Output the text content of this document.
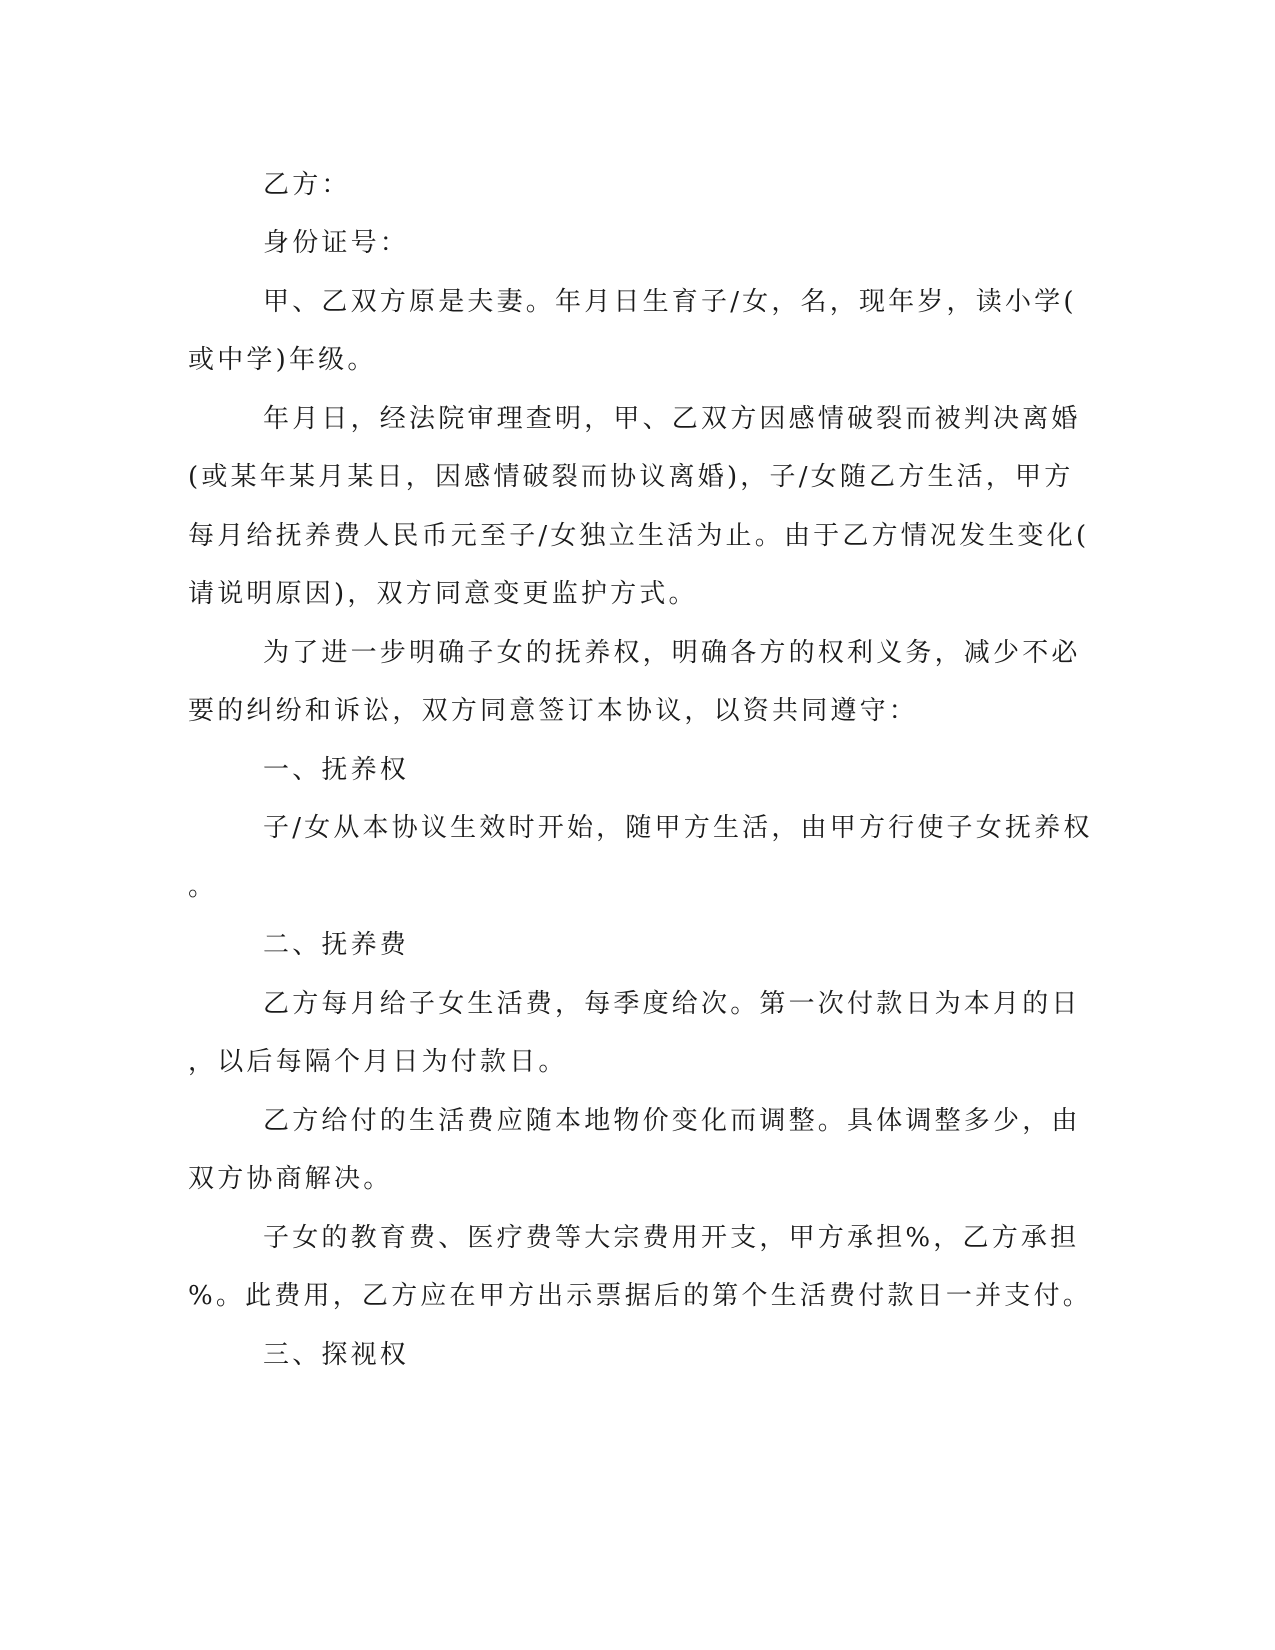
乙方：
身份证号：
甲、乙双方原是夫妻。年月日生育子/女，名，现年岁，读小学(
或中学)年级。
年月日，经法院审理查明，甲、乙双方因感情破裂而被判决离婚
(或某年某月某日，因感情破裂而协议离婚)，子/女随乙方生活，甲方
每月给抚养费人民币元至子/女独立生活为止。由于乙方情况发生变化(
请说明原因)，双方同意变更监护方式。
为了进一步明确子女的抚养权，明确各方的权利义务，减少不必
要的纠纷和诉讼，双方同意签订本协议，以资共同遵守：
一、抚养权
子/女从本协议生效时开始，随甲方生活，由甲方行使子女抚养权
。
二、抚养费
乙方每月给子女生活费，每季度给次。第一次付款日为本月的日
，以后每隔个月日为付款日。
乙方给付的生活费应随本地物价变化而调整。具体调整多少，由
双方协商解决。
子女的教育费、医疗费等大宗费用开支，甲方承担%，乙方承担
%。此费用，乙方应在甲方出示票据后的第个生活费付款日一并支付。
三、探视权
